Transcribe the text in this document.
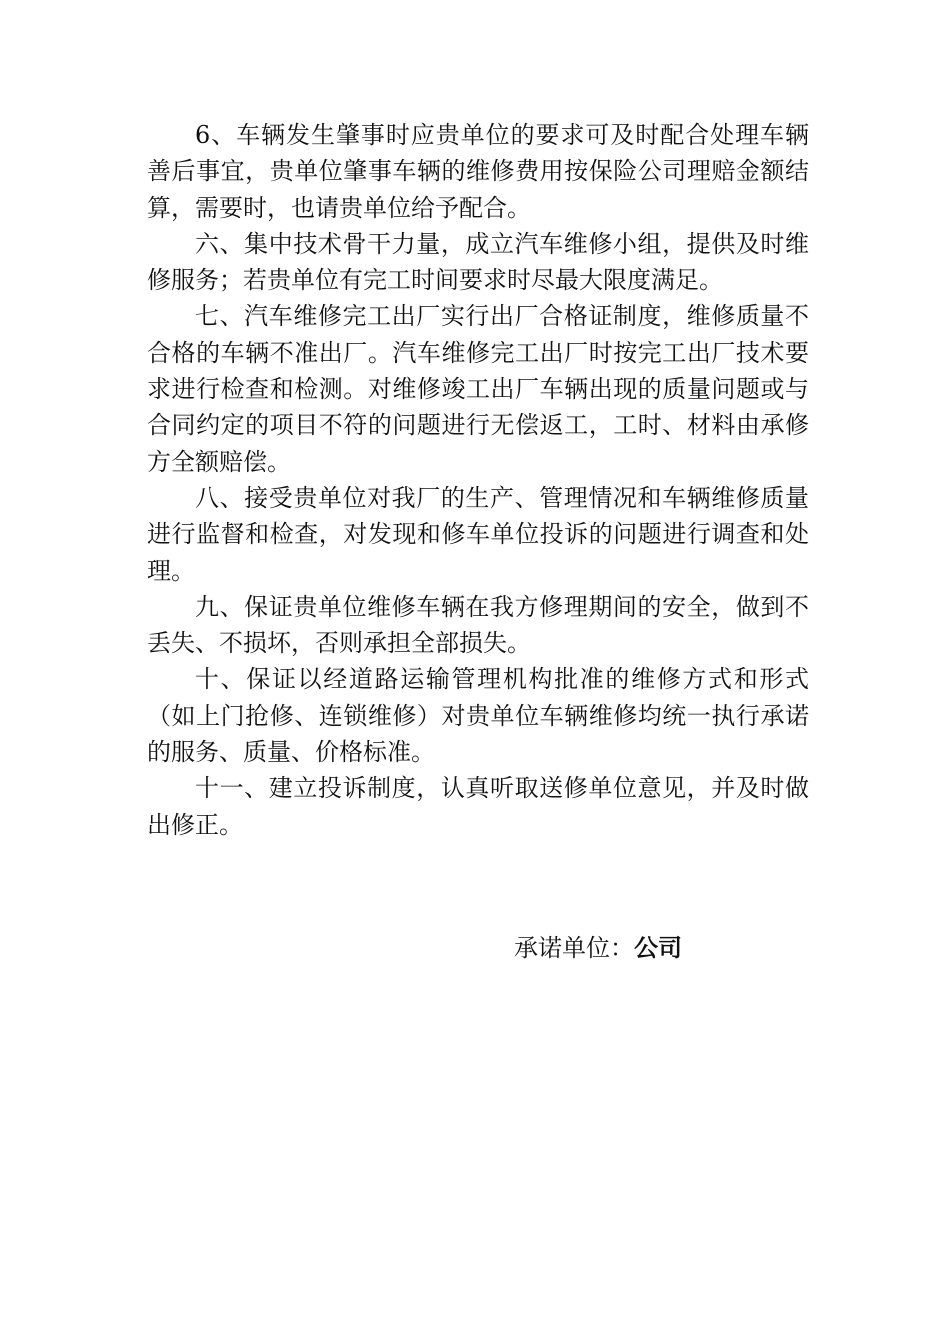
6、车辆发生肇事时应贵单位的要求可及时配合处理车辆善后事宜，贵单位肇事车辆的维修费用按保险公司理赔金额结算，需要时，也请贵单位给予配合。

六、集中技术骨干力量，成立汽车维修小组，提供及时维修服务；若贵单位有完工时间要求时尽最大限度满足。

七、汽车维修完工出厂实行出厂合格证制度，维修质量不合格的车辆不准出厂。汽车维修完工出厂时按完工出厂技术要求进行检查和检测。对维修竣工出厂车辆出现的质量问题或与合同约定的项目不符的问题进行无偿返工，工时、材料由承修方全额赔偿。

八、接受贵单位对我厂的生产、管理情况和车辆维修质量进行监督和检查，对发现和修车单位投诉的问题进行调查和处理。

九、保证贵单位维修车辆在我方修理期间的安全，做到不丢失、不损坏，否则承担全部损失。

十、保证以经道路运输管理机构批准的维修方式和形式（如上门抢修、连锁维修）对贵单位车辆维修均统一执行承诺的服务、质量、价格标准。

十一、建立投诉制度，认真听取送修单位意见，并及时做出修正。

承诺单位：公司
